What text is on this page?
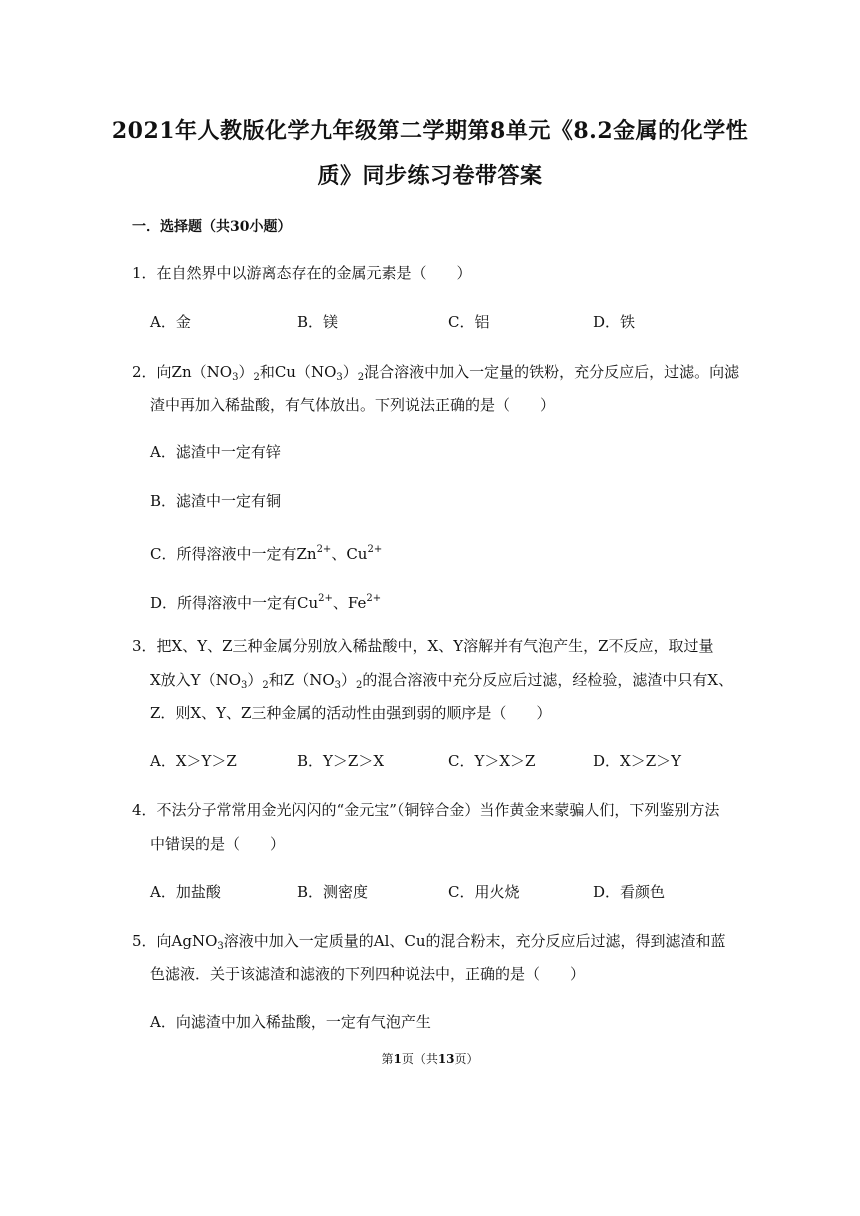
2021年人教版化学九年级第二学期第8单元《8.2金属的化学性
质》同步练习卷带答案
一．选择题（共30小题）
1．在自然界中以游离态存在的金属元素是（　　）
A．金	B．镁	C．铝	D．铁
2．向$Zn(NO_3)_2$和$Cu(NO_3)_2$混合溶液中加入一定量的铁粉，充分反应后，过滤。向滤
渣中再加入稀盐酸，有气体放出。下列说法正确的是（　　）
A．滤渣中一定有锌
B．滤渣中一定有铜
C．所得溶液中一定有$Zn^{2+}$、$Cu^{2+}$
D．所得溶液中一定有$Cu^{2+}$、$Fe^{2+}$
3．把X、Y、Z三种金属分别放入稀盐酸中，X、Y溶解并有气泡产生，Z不反应，取过量
X放入$Y(NO_3)_2$和$Z(NO_3)_2$的混合溶液中充分反应后过滤，经检验，滤渣中只有X、
Z．则X、Y、Z三种金属的活动性由强到弱的顺序是（　　）
A．X＞Y＞Z	B．Y＞Z＞X	C．Y＞X＞Z	D．X＞Z＞Y
4．不法分子常常用金光闪闪的“金元宝”（铜锌合金）当作黄金来蒙骗人们，下列鉴别方法
中错误的是（　　）
A．加盐酸	B．测密度	C．用火烧	D．看颜色
5．向AgNO$_3$溶液中加入一定质量的Al、Cu的混合粉末，充分反应后过滤，得到滤渣和蓝
色滤液．关于该滤渣和滤液的下列四种说法中，正确的是（　　）
A．向滤渣中加入稀盐酸，一定有气泡产生
第1页（共13页）
